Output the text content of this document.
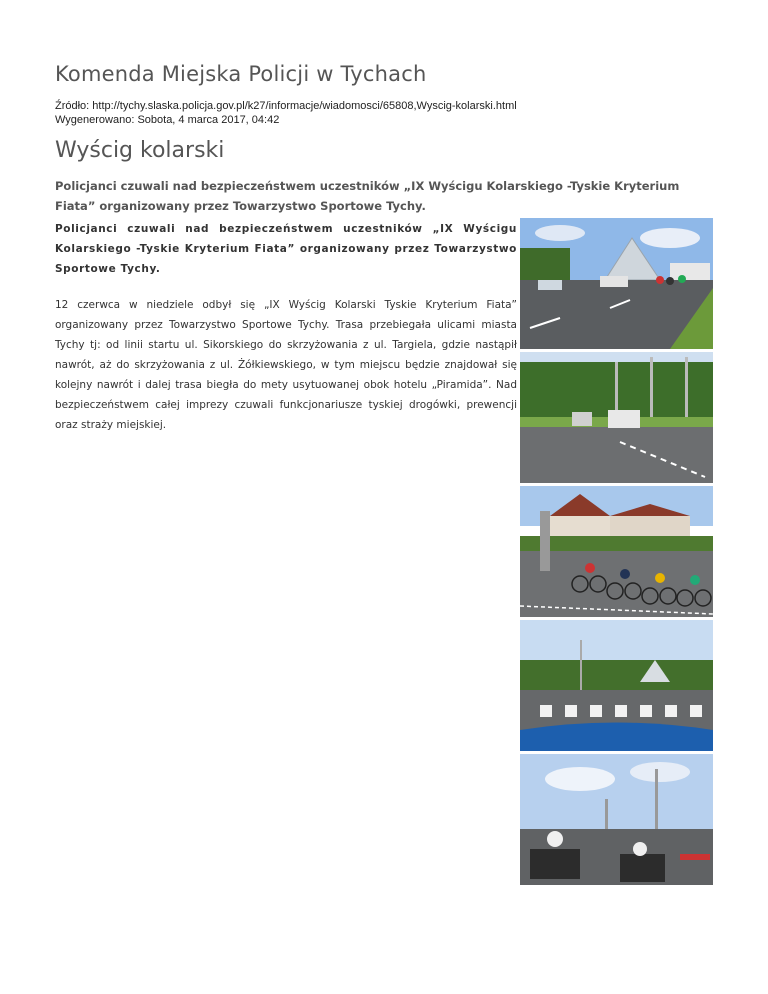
Komenda Miejska Policji w Tychach
Źródło: http://tychy.slaska.policja.gov.pl/k27/informacje/wiadomosci/65808,Wyscig-kolarski.html
Wygenerowano: Sobota, 4 marca 2017, 04:42
Wyścig kolarski
Policjanci czuwali nad bezpieczeństwem uczestników „IX Wyścigu Kolarskiego -Tyskie Kryterium Fiata” organizowany przez Towarzystwo Sportowe Tychy.
Policjanci czuwali nad bezpieczeństwem uczestników „IX Wyścigu Kolarskiego -Tyskie Kryterium Fiata” organizowany przez Towarzystwo Sportowe Tychy.
12 czerwca w niedziele odbył się „IX Wyścig Kolarski Tyskie Kryterium Fiata” organizowany przez Towarzystwo Sportowe Tychy. Trasa przebiegała ulicami miasta Tychy tj: od linii startu ul. Sikorskiego do skrzyżowania z ul. Targiela, gdzie nastąpił nawrót, aż do skrzyżowania z ul. Żółkiewskiego, w tym miejscu będzie znajdował się kolejny nawrót i dalej trasa biegła do mety usytuowanej obok hotelu „Piramida”. Nad bezpieczeństwem całej imprezy czuwali funkcjonariusze tyskiej drogówki, prewencji oraz straży miejskiej.
